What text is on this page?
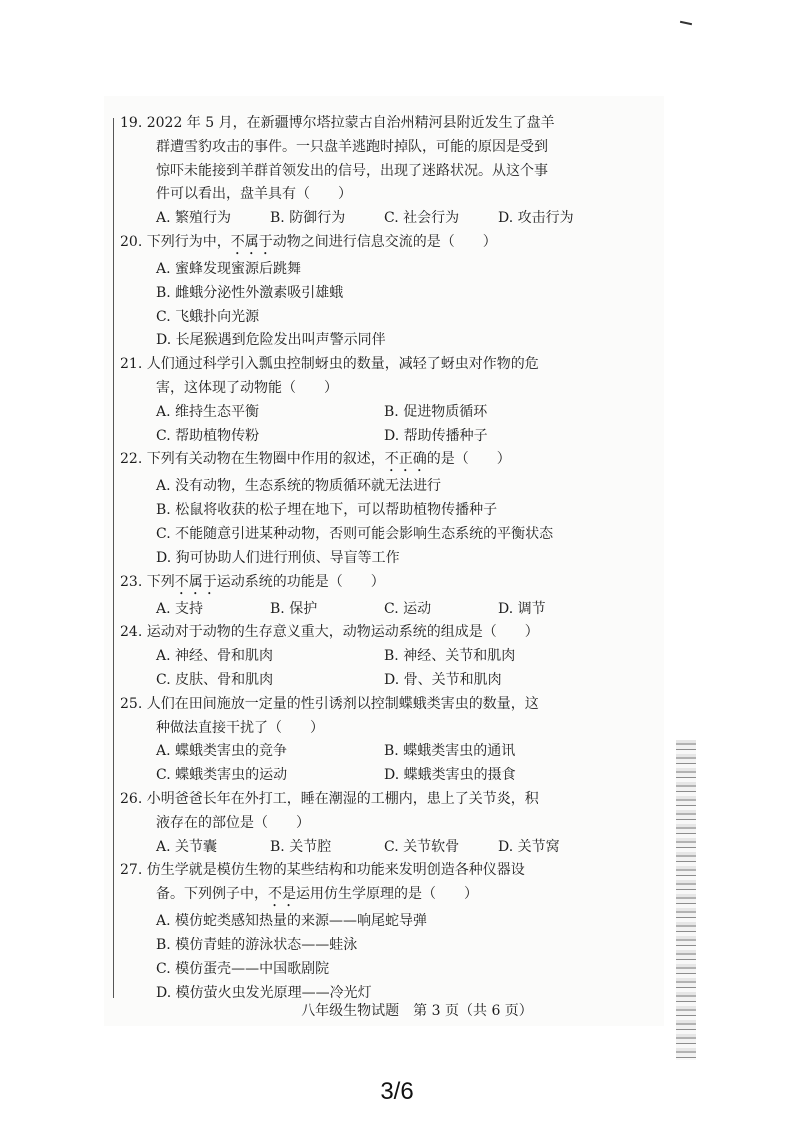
19. 2022 年 5 月，在新疆博尔塔拉蒙古自治州精河县附近发生了盘羊
群遭雪豹攻击的事件。一只盘羊逃跑时掉队，可能的原因是受到
惊吓未能接到羊群首领发出的信号，出现了迷路状况。从这个事
件可以看出，盘羊具有（　　）
A. 繁殖行为	B. 防御行为	C. 社会行为	D. 攻击行为
20. 下列行为中，不属于动物之间进行信息交流的是（　　）
A. 蜜蜂发现蜜源后跳舞
B. 雌蛾分泌性外激素吸引雄蛾
C. 飞蛾扑向光源
D. 长尾猴遇到危险发出叫声警示同伴
21. 人们通过科学引入瓢虫控制蚜虫的数量，减轻了蚜虫对作物的危
害，这体现了动物能（　　）
A. 维持生态平衡	B. 促进物质循环
C. 帮助植物传粉	D. 帮助传播种子
22. 下列有关动物在生物圈中作用的叙述，不正确的是（　　）
A. 没有动物，生态系统的物质循环就无法进行
B. 松鼠将收获的松子埋在地下，可以帮助植物传播种子
C. 不能随意引进某种动物，否则可能会影响生态系统的平衡状态
D. 狗可协助人们进行刑侦、导盲等工作
23. 下列不属于运动系统的功能是（　　）
A. 支持	B. 保护	C. 运动	D. 调节
24. 运动对于动物的生存意义重大，动物运动系统的组成是（　　）
A. 神经、骨和肌肉	B. 神经、关节和肌肉
C. 皮肤、骨和肌肉	D. 骨、关节和肌肉
25. 人们在田间施放一定量的性引诱剂以控制蝶蛾类害虫的数量，这
种做法直接干扰了（　　）
A. 蝶蛾类害虫的竞争	B. 蝶蛾类害虫的通讯
C. 蝶蛾类害虫的运动	D. 蝶蛾类害虫的摄食
26. 小明爸爸长年在外打工，睡在潮湿的工棚内，患上了关节炎，积
液存在的部位是（　　）
A. 关节囊	B. 关节腔	C. 关节软骨	D. 关节窝
27. 仿生学就是模仿生物的某些结构和功能来发明创造各种仪器设
备。下列例子中，不是运用仿生学原理的是（　　）
A. 模仿蛇类感知热量的来源——响尾蛇导弹
B. 模仿青蛙的游泳状态——蛙泳
C. 模仿蛋壳——中国歌剧院
D. 模仿萤火虫发光原理——冷光灯
八年级生物试题　第 3 页（共 6 页）
3/6
